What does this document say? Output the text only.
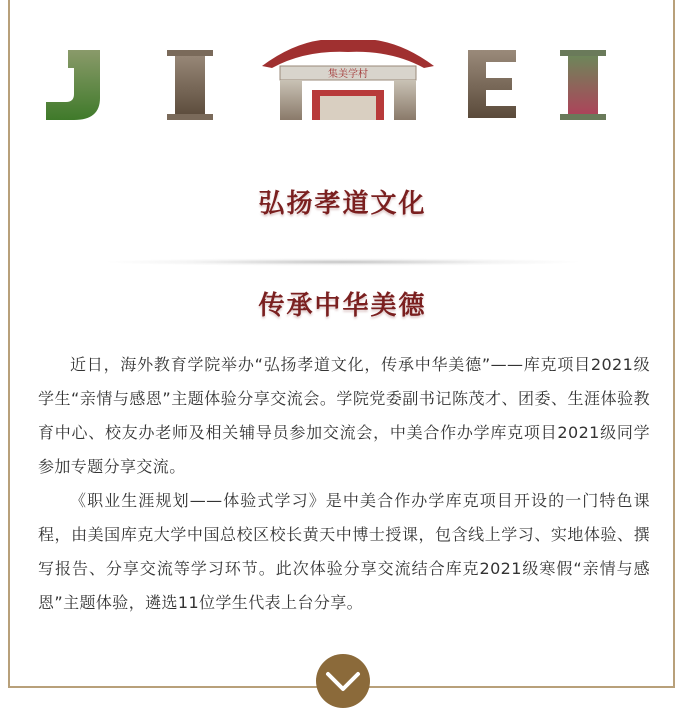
集美学村
弘扬孝道文化
传承中华美德

近日，海外教育学院举办“弘扬孝道文化，传承中华美德”——库克项目2021级学生“亲情与感恩”主题体验分享交流会。学院党委副书记陈茂才、团委、生涯体验教育中心、校友办老师及相关辅导员参加交流会，中美合作办学库克项目2021级同学参加专题分享交流。

《职业生涯规划——体验式学习》是中美合作办学库克项目开设的一门特色课程，由美国库克大学中国总校区校长黄天中博士授课，包含线上学习、实地体验、撰写报告、分享交流等学习环节。此次体验分享交流结合库克2021级寒假“亲情与感恩”主题体验，遴选11位学生代表上台分享。
